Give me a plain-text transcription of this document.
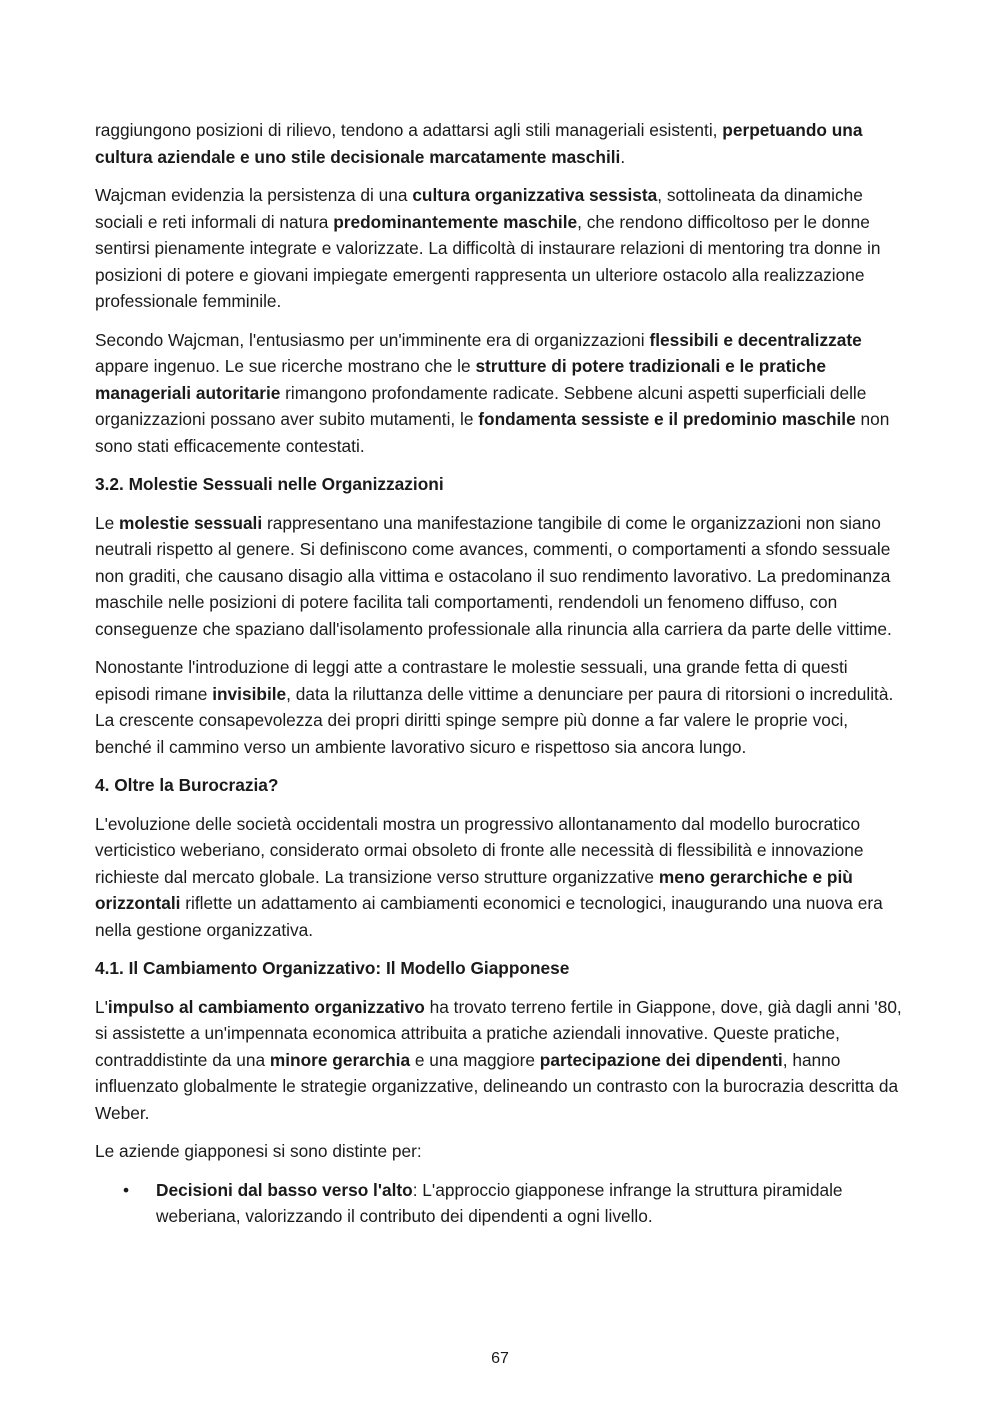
raggiungono posizioni di rilievo, tendono a adattarsi agli stili manageriali esistenti, perpetuando una cultura aziendale e uno stile decisionale marcatamente maschili.

Wajcman evidenzia la persistenza di una cultura organizzativa sessista, sottolineata da dinamiche sociali e reti informali di natura predominantemente maschile, che rendono difficoltoso per le donne sentirsi pienamente integrate e valorizzate. La difficoltà di instaurare relazioni di mentoring tra donne in posizioni di potere e giovani impiegate emergenti rappresenta un ulteriore ostacolo alla realizzazione professionale femminile.

Secondo Wajcman, l'entusiasmo per un'imminente era di organizzazioni flessibili e decentralizzate appare ingenuo. Le sue ricerche mostrano che le strutture di potere tradizionali e le pratiche manageriali autoritarie rimangono profondamente radicate. Sebbene alcuni aspetti superficiali delle organizzazioni possano aver subito mutamenti, le fondamenta sessiste e il predominio maschile non sono stati efficacemente contestati.

3.2. Molestie Sessuali nelle Organizzazioni

Le molestie sessuali rappresentano una manifestazione tangibile di come le organizzazioni non siano neutrali rispetto al genere. Si definiscono come avances, commenti, o comportamenti a sfondo sessuale non graditi, che causano disagio alla vittima e ostacolano il suo rendimento lavorativo. La predominanza maschile nelle posizioni di potere facilita tali comportamenti, rendendoli un fenomeno diffuso, con conseguenze che spaziano dall'isolamento professionale alla rinuncia alla carriera da parte delle vittime.

Nonostante l'introduzione di leggi atte a contrastare le molestie sessuali, una grande fetta di questi episodi rimane invisibile, data la riluttanza delle vittime a denunciare per paura di ritorsioni o incredulità. La crescente consapevolezza dei propri diritti spinge sempre più donne a far valere le proprie voci, benché il cammino verso un ambiente lavorativo sicuro e rispettoso sia ancora lungo.

4. Oltre la Burocrazia?

L'evoluzione delle società occidentali mostra un progressivo allontanamento dal modello burocratico verticistico weberiano, considerato ormai obsoleto di fronte alle necessità di flessibilità e innovazione richieste dal mercato globale. La transizione verso strutture organizzative meno gerarchiche e più orizzontali riflette un adattamento ai cambiamenti economici e tecnologici, inaugurando una nuova era nella gestione organizzativa.

4.1. Il Cambiamento Organizzativo: Il Modello Giapponese

L'impulso al cambiamento organizzativo ha trovato terreno fertile in Giappone, dove, già dagli anni '80, si assistette a un'impennata economica attribuita a pratiche aziendali innovative. Queste pratiche, contraddistinte da una minore gerarchia e una maggiore partecipazione dei dipendenti, hanno influenzato globalmente le strategie organizzative, delineando un contrasto con la burocrazia descritta da Weber.

Le aziende giapponesi si sono distinte per:

• Decisioni dal basso verso l'alto: L'approccio giapponese infrange la struttura piramidale weberiana, valorizzando il contributo dei dipendenti a ogni livello.
67
